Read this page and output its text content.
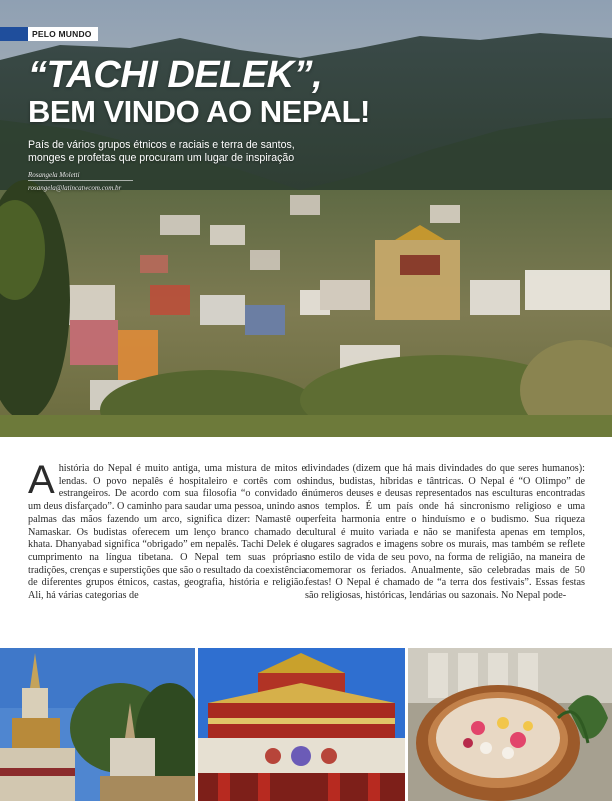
PELO MUNDO
“TACHI DELEK”,
BEM VINDO AO NEPAL!
País de vários grupos étnicos e raciais e terra de santos, monges e profetas que procuram um lugar de inspiração
Rosangela Moletti
rosangela@latincatwcom.com.br
Ahistória do Nepal é muito antiga, uma mistura de mitos e lendas. O povo nepalês é hospitaleiro e cortês com os estrangeiros. De acordo com sua filosofia “o convidado é um deus disfarçado”. O caminho para saudar uma pessoa, unindo as palmas das mãos fazendo um arco, significa dizer: Namastê ou Namaskar. Os budistas oferecem um lenço branco chamado de khata. Dhanyabad significa “obrigado” em nepalês. Tachi Delek é o cumprimento na língua tibetana. O Nepal tem suas próprias tradições, crenças e superstições que são o resultado da coexistência de diferentes grupos étnicos, castas, geografia, história e religião. Ali, há várias categorias de
divindades (dizem que há mais divindades do que seres humanos): hindus, budistas, híbridas e tântricas. O Nepal é “O Olimpo” de inúmeros deuses e deusas representados nas esculturas encontradas nos templos. É um país onde há sincronismo religioso e uma perfeita harmonia entre o hinduísmo e o budismo. Sua riqueza cultural é muito variada e não se manifesta apenas em templos, lugares sagrados e imagens sobre os murais, mas também se reflete no estilo de vida de seu povo, na forma de religião, na maneira de comemorar os feriados. Anualmente, são celebradas mais de 50 festas! O Nepal é chamado de “a terra dos festivais”. Essas festas são religiosas, históricas, lendárias ou sazonais. No Nepal pode-
